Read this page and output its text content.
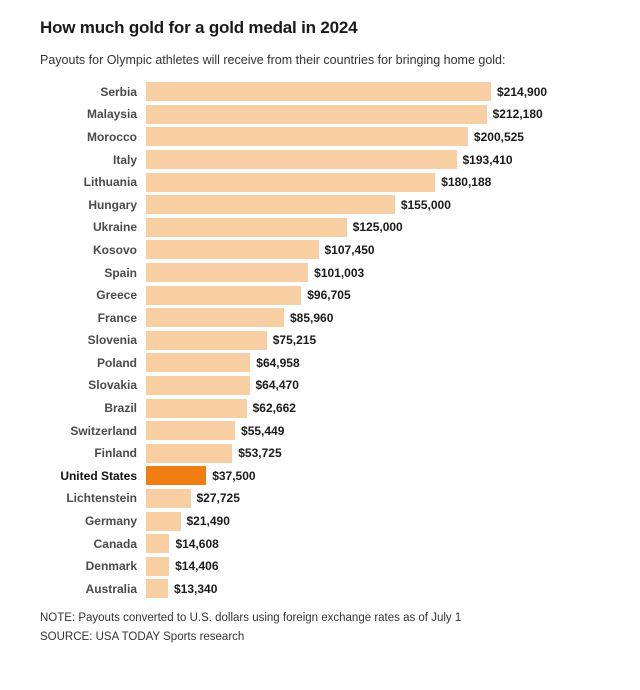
How much gold for a gold medal in 2024

Payouts for Olympic athletes will receive from their countries for bringing home gold:

Serbia	$214,900
Malaysia	$212,180
Morocco	$200,525
Italy	$193,410
Lithuania	$180,188
Hungary	$155,000
Ukraine	$125,000
Kosovo	$107,450
Spain	$101,003
Greece	$96,705
France	$85,960
Slovenia	$75,215
Poland	$64,958
Slovakia	$64,470
Brazil	$62,662
Switzerland	$55,449
Finland	$53,725
United States	$37,500
Lichtenstein	$27,725
Germany	$21,490
Canada	$14,608
Denmark	$14,406
Australia	$13,340
NOTE: Payouts converted to U.S. dollars using foreign exchange rates as of July 1
SOURCE: USA TODAY Sports research
